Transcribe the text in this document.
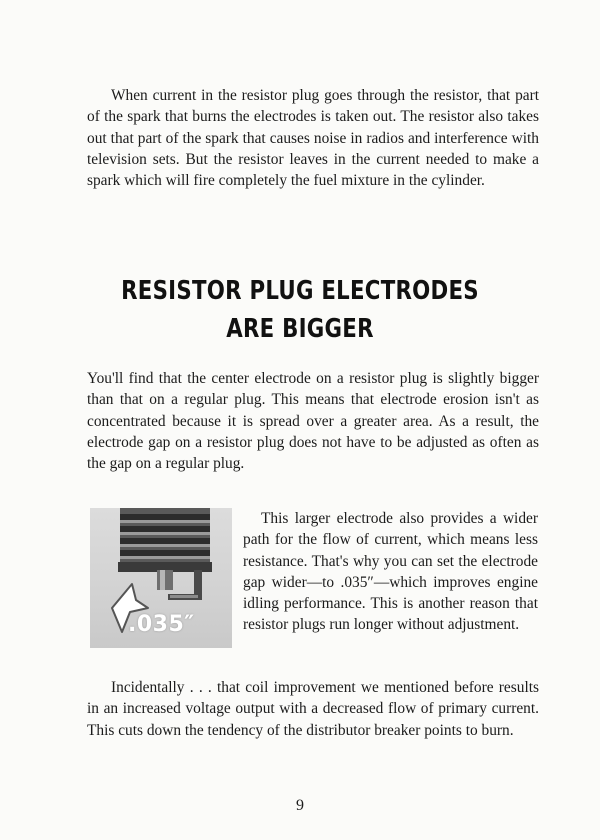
When current in the resistor plug goes through the resistor, that part of the spark that burns the electrodes is taken out. The resistor also takes out that part of the spark that causes noise in radios and interference with television sets. But the resistor leaves in the current needed to make a spark which will fire completely the fuel mixture in the cylinder.

RESISTOR PLUG ELECTRODES
ARE BIGGER

You'll find that the center electrode on a resistor plug is slightly bigger than that on a regular plug. This means that electrode erosion isn't as concentrated because it is spread over a greater area. As a result, the electrode gap on a resistor plug does not have to be adjusted as often as the gap on a regular plug.

.035″

This larger electrode also provides a wider path for the flow of current, which means less resistance. That's why you can set the electrode gap wider—to .035″—which improves engine idling performance. This is another reason that resistor plugs run longer without adjustment.

Incidentally . . . that coil improvement we mentioned before results in an increased voltage output with a decreased flow of primary current. This cuts down the tendency of the distributor breaker points to burn.

9
